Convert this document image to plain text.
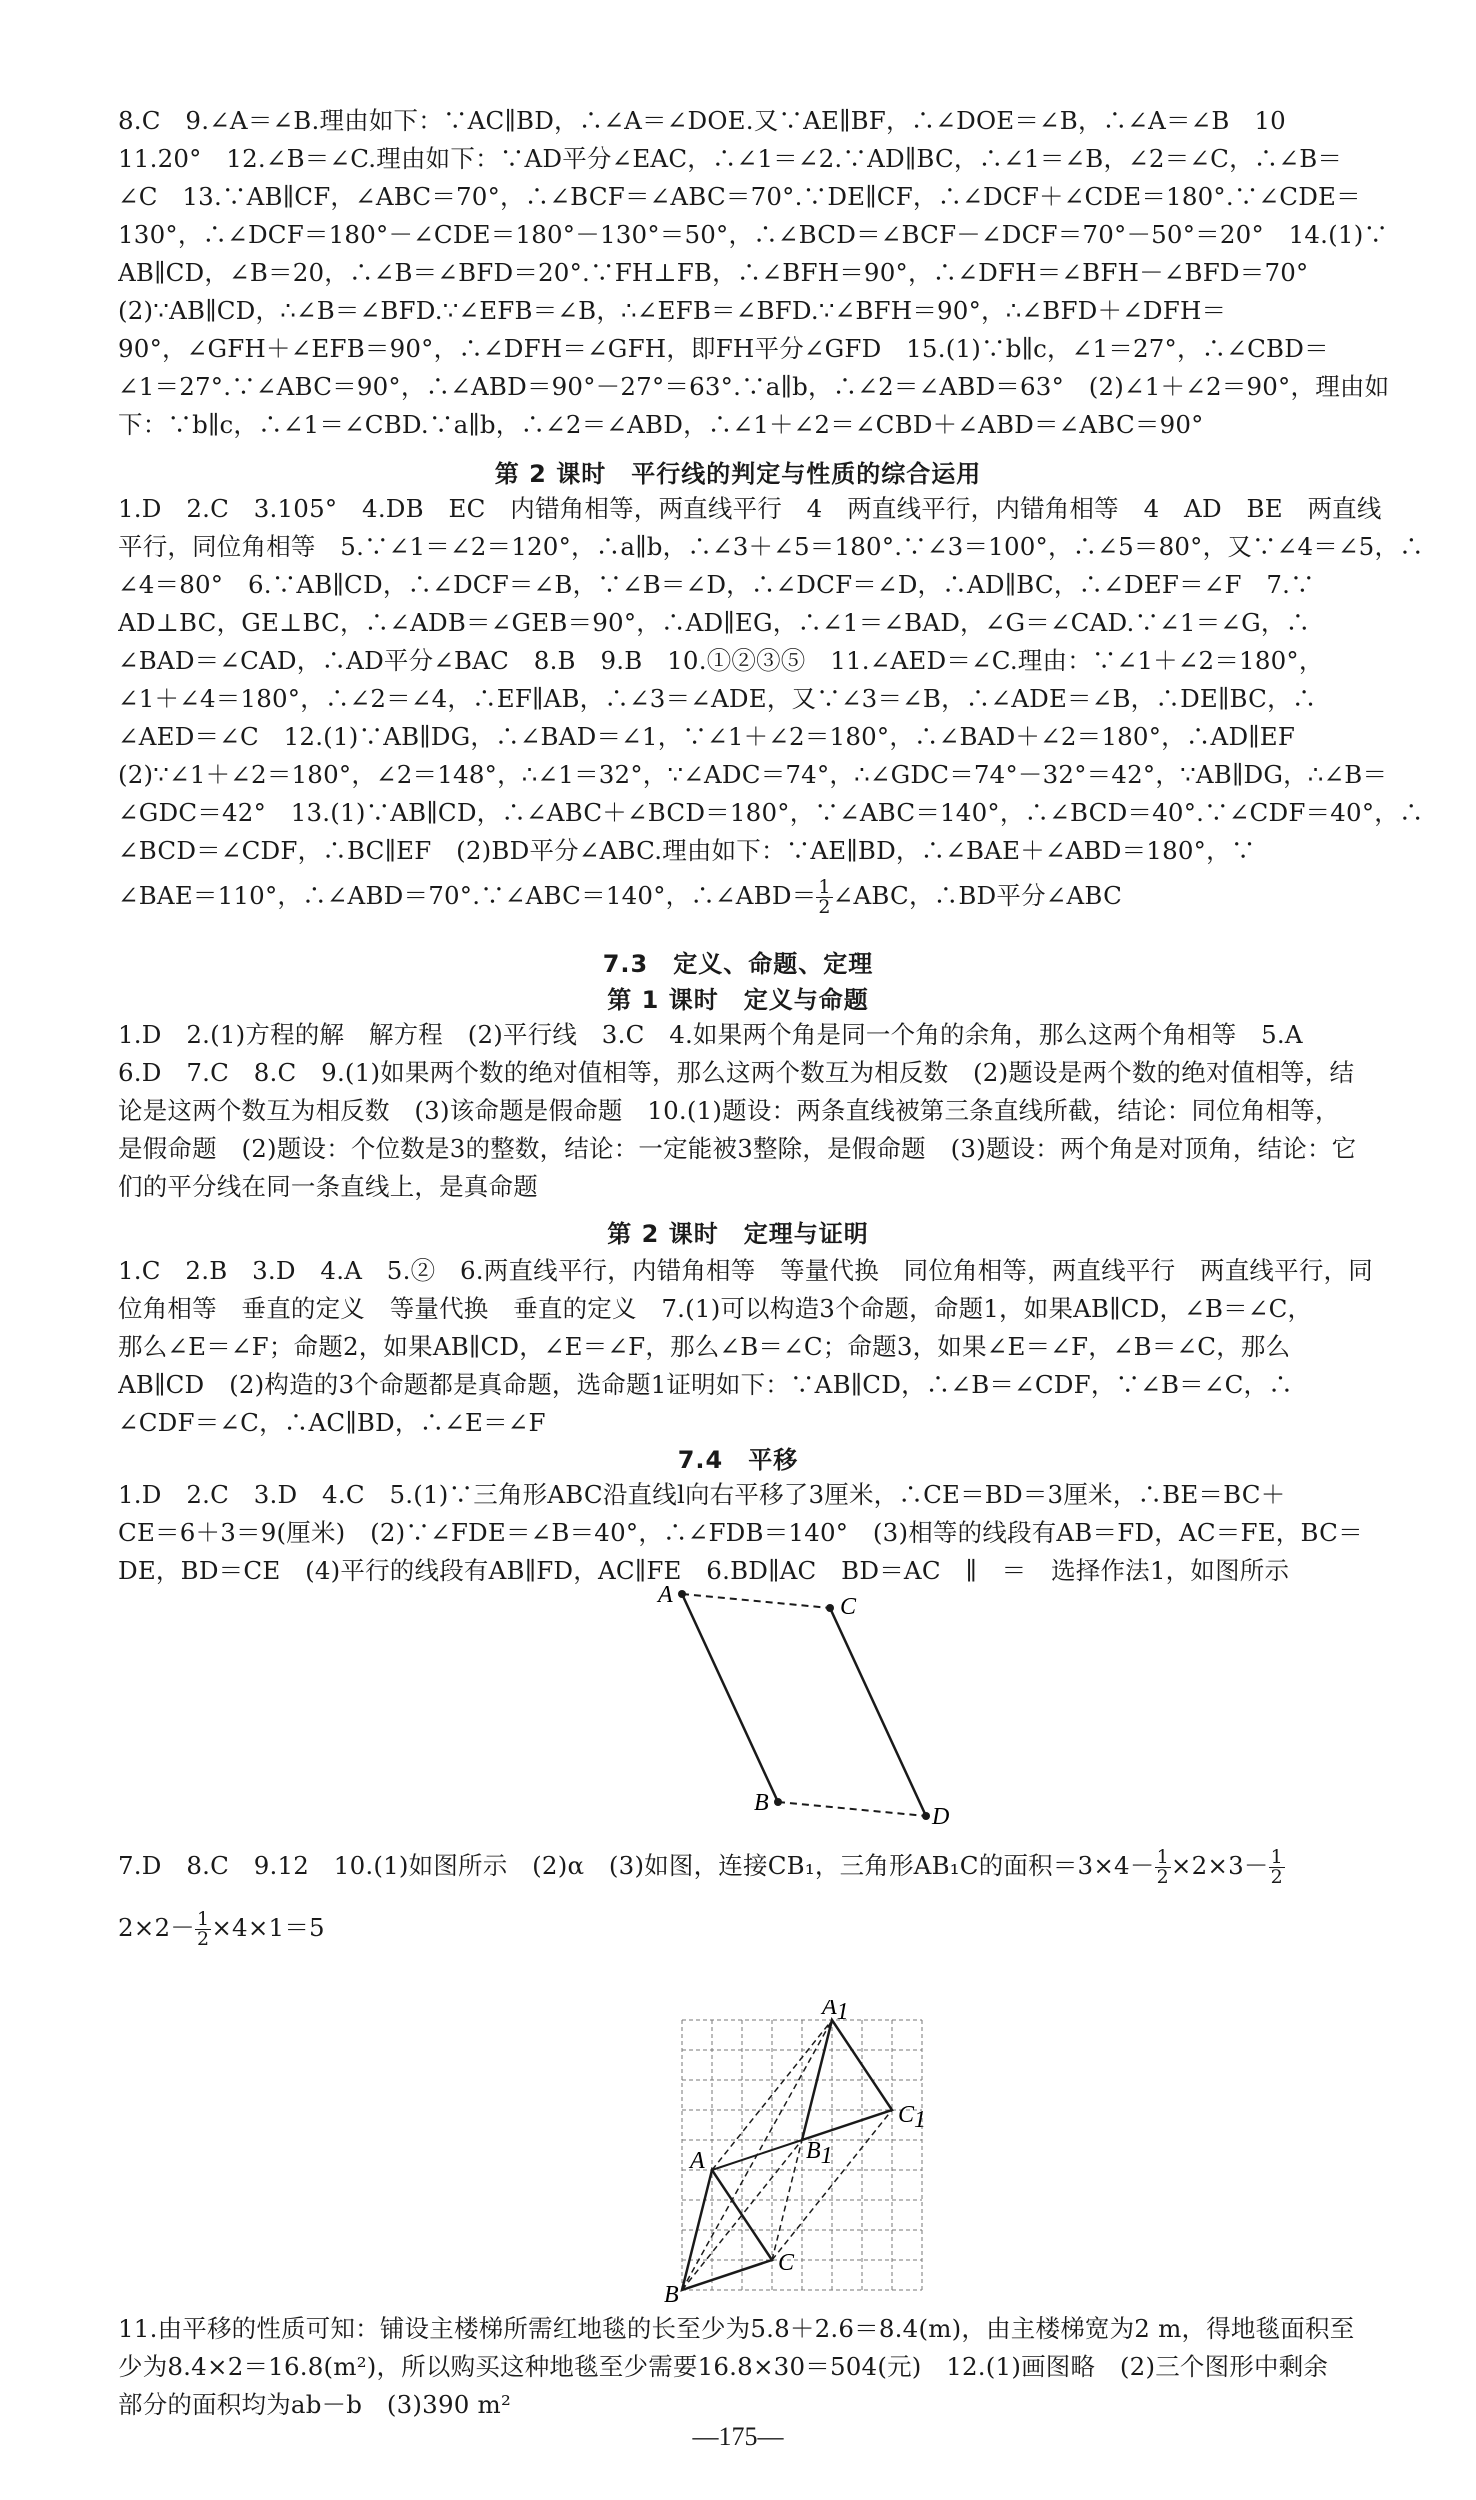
8.C　9.∠A＝∠B.理由如下：∵AC∥BD，∴∠A＝∠DOE.又∵AE∥BF，∴∠DOE＝∠B，∴∠A＝∠B　10
11.20°　12.∠B＝∠C.理由如下：∵AD平分∠EAC，∴∠1＝∠2.∵AD∥BC，∴∠1＝∠B，∠2＝∠C，∴∠B＝
∠C　13.∵AB∥CF，∠ABC＝70°，∴∠BCF＝∠ABC＝70°.∵DE∥CF，∴∠DCF＋∠CDE＝180°.∵∠CDE＝
130°，∴∠DCF＝180°－∠CDE＝180°－130°＝50°，∴∠BCD＝∠BCF－∠DCF＝70°－50°＝20°　14.(1)∵
AB∥CD，∠B＝20，∴∠B＝∠BFD＝20°.∵FH⊥FB，∴∠BFH＝90°，∴∠DFH＝∠BFH－∠BFD＝70°
(2)∵AB∥CD，∴∠B＝∠BFD.∵∠EFB＝∠B，∴∠EFB＝∠BFD.∵∠BFH＝90°，∴∠BFD＋∠DFH＝
90°，∠GFH＋∠EFB＝90°，∴∠DFH＝∠GFH，即FH平分∠GFD　15.(1)∵b∥c，∠1＝27°，∴∠CBD＝
∠1＝27°.∵∠ABC＝90°，∴∠ABD＝90°－27°＝63°.∵a∥b，∴∠2＝∠ABD＝63°　(2)∠1＋∠2＝90°，理由如
下：∵b∥c，∴∠1＝∠CBD.∵a∥b，∴∠2＝∠ABD，∴∠1＋∠2＝∠CBD＋∠ABD＝∠ABC＝90°
第 2 课时　平行线的判定与性质的综合运用
1.D　2.C　3.105°　4.DB　EC　内错角相等，两直线平行　4　两直线平行，内错角相等　4　AD　BE　两直线
平行，同位角相等　5.∵∠1＝∠2＝120°，∴a∥b，∴∠3＋∠5＝180°.∵∠3＝100°，∴∠5＝80°，又∵∠4＝∠5，∴
∠4＝80°　6.∵AB∥CD，∴∠DCF＝∠B，∵∠B＝∠D，∴∠DCF＝∠D，∴AD∥BC，∴∠DEF＝∠F　7.∵
AD⊥BC，GE⊥BC，∴∠ADB＝∠GEB＝90°，∴AD∥EG，∴∠1＝∠BAD，∠G＝∠CAD.∵∠1＝∠G，∴
∠BAD＝∠CAD，∴AD平分∠BAC　8.B　9.B　10.①②③⑤　11.∠AED＝∠C.理由：∵∠1＋∠2＝180°，
∠1＋∠4＝180°，∴∠2＝∠4，∴EF∥AB，∴∠3＝∠ADE，又∵∠3＝∠B，∴∠ADE＝∠B，∴DE∥BC，∴
∠AED＝∠C　12.(1)∵AB∥DG，∴∠BAD＝∠1，∵∠1＋∠2＝180°，∴∠BAD＋∠2＝180°，∴AD∥EF
(2)∵∠1＋∠2＝180°，∠2＝148°，∴∠1＝32°，∵∠ADC＝74°，∴∠GDC＝74°－32°＝42°，∵AB∥DG，∴∠B＝
∠GDC＝42°　13.(1)∵AB∥CD，∴∠ABC＋∠BCD＝180°，∵∠ABC＝140°，∴∠BCD＝40°.∵∠CDF＝40°，∴
∠BCD＝∠CDF，∴BC∥EF　(2)BD平分∠ABC.理由如下：∵AE∥BD，∴∠BAE＋∠ABD＝180°，∵
∠BAE＝110°，∴∠ABD＝70°.∵∠ABC＝140°，∴∠ABD＝ $\frac{1}{2}$ ∠ABC，∴BD平分∠ABC
7.3　定义、命题、定理
第 1 课时　定义与命题
1.D　2.(1)方程的解　解方程　(2)平行线　3.C　4.如果两个角是同一个角的余角，那么这两个角相等　5.A
6.D　7.C　8.C　9.(1)如果两个数的绝对值相等，那么这两个数互为相反数　(2)题设是两个数的绝对值相等，结
论是这两个数互为相反数　(3)该命题是假命题　10.(1)题设：两条直线被第三条直线所截，结论：同位角相等，
是假命题　(2)题设：个位数是3的整数，结论：一定能被3整除，是假命题　(3)题设：两个角是对顶角，结论：它
们的平分线在同一条直线上，是真命题
第 2 课时　定理与证明
1.C　2.B　3.D　4.A　5.②　6.两直线平行，内错角相等　等量代换　同位角相等，两直线平行　两直线平行，同
位角相等　垂直的定义　等量代换　垂直的定义　7.(1)可以构造3个命题，命题1，如果AB∥CD，∠B＝∠C，
那么∠E＝∠F；命题2，如果AB∥CD，∠E＝∠F，那么∠B＝∠C；命题3，如果∠E＝∠F，∠B＝∠C，那么
AB∥CD　(2)构造的3个命题都是真命题，选命题1证明如下：∵AB∥CD，∴∠B＝∠CDF，∵∠B＝∠C，∴
∠CDF＝∠C，∴AC∥BD，∴∠E＝∠F
7.4　平移
1.D　2.C　3.D　4.C　5.(1)∵三角形ABC沿直线l向右平移了3厘米，∴CE＝BD＝3厘米，∴BE＝BC＋
CE＝6＋3＝9(厘米)　(2)∵∠FDE＝∠B＝40°，∴∠FDB＝140°　(3)相等的线段有AB＝FD，AC＝FE，BC＝
DE，BD＝CE　(4)平行的线段有AB∥FD，AC∥FE　6.BD∥AC　BD＝AC　∥　＝　选择作法1，如图所示
A	C
B
D
7.D　8.C　9.12　10.(1)如图所示　(2)α　(3)如图，连接CB₁，三角形AB₁C的面积$=3\times 4- \frac{1}{2} \times 2\times 3- \frac{1}{2}$
$2\times 2- \frac{1}{2} \times 4\times 1=5$
A1
C1
B1
A
B
C
11.由平移的性质可知：铺设主楼梯所需红地毯的长至少为5.8＋2.6＝8.4(m)，由主楼梯宽为2 m，得地毯面积至
少为8.4×2＝16.8(m²)，所以购买这种地毯至少需要16.8×30＝504(元)　12.(1)画图略　(2)三个图形中剩余
部分的面积均为ab－b　(3)390 m²
—175—
